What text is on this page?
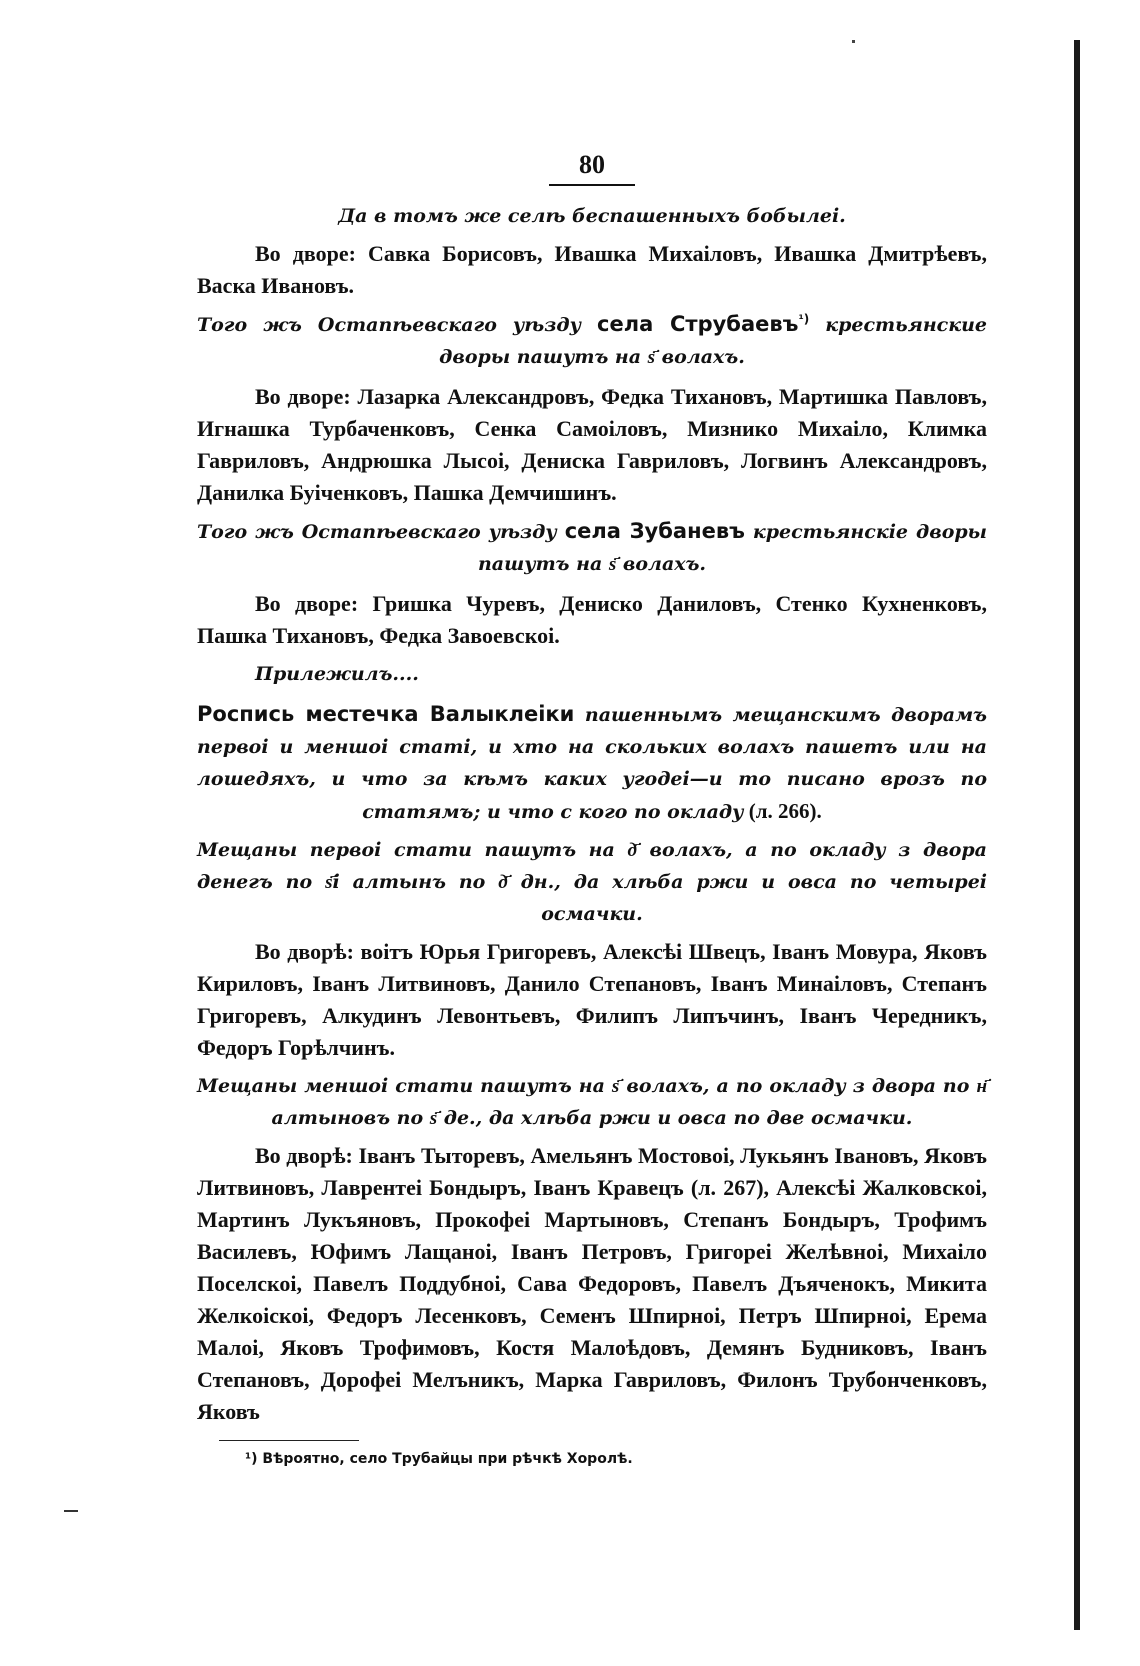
80
Да в томъ же селѣ беспашенныхъ бобылеi.

Во дворе: Савка Борисовъ, Ивашка Михаiловъ, Ивашка Дмитрѣевъ, Васка Ивановъ.

Того жъ Остапѣевскаго уѣзду села Струбаевъ$^{^1)}$ крестьянские дворы пашутъ на ѕ҃ волахъ.

Во дворе: Лазарка Александровъ, Федка Тихановъ, Мартишка Павловъ, Игнашка Турбаченковъ, Сенка Самоiловъ, Мизнико Михаiло, Климка Гавриловъ, Андрюшка Лысоi, Дениска Гавриловъ, Логвинъ Александровъ, Данилка Буiченковъ, Пашка Демчишинъ.

Того жъ Остапѣевскаго уѣзду села Зубаневъ крестьянскiе дворы пашутъ на ѕ҃ волахъ.

Во дворе: Гришка Чуревъ, Дениско Даниловъ, Стенко Кухненковъ, Пашка Тихановъ, Федка Завоевскоi.

Прилежилъ....
Роспись местечка Валыклеiки пашеннымъ мещанскимъ дворамъ первоi и меншоi статi, и хто на скольких волахъ пашетъ или на лошедяхъ, и что за кѣмъ каких угодеi—и то писано врозъ по статямъ; и что с кого по окладу (л. 266).
Мещаны первоi стати пашутъ на д҃ волахъ, а по окладу з двора денегъ по ѕ҃і алтынъ по д҃ дн., да хлѣба ржи и овса по четыреi осмачки.

Во дворѣ: воiтъ Юрья Григоревъ, Алексѣi Швецъ, Iванъ Мовура, Яковъ Кириловъ, Iванъ Литвиновъ, Данило Степановъ, Iванъ Минаiловъ, Степанъ Григоревъ, Алкудинъ Левонтьевъ, Филипъ Липъчинъ, Iванъ Чередникъ, Федоръ Горѣлчинъ.

Мещаны меншоi стати пашутъ на ѕ҃ волахъ, а по окладу з двора по н҃ алтыновъ по ѕ҃ де., да хлѣба ржи и овса по две осмачки.

Во дворѣ: Iванъ Тыторевъ, Амельянъ Мостовоi, Лукьянъ Iвановъ, Яковъ Литвиновъ, Лаврентеi Бондыръ, Iванъ Кравецъ (л. 267), Алексѣi Жалковскоi, Мартинъ Лукъяновъ, Прокофеi Мартыновъ, Степанъ Бондыръ, Трофимъ Василевъ, Юфимъ Лащаноi, Iванъ Петровъ, Григореi Желѣвноi, Михаiло Поселскоi, Павелъ Поддубноi, Сава Федоровъ, Павелъ Дъяченокъ, Микита Желкоiскоi, Федоръ Лесенковъ, Семенъ Шпирноi, Петръ Шпирноi, Ерема Малоi, Яковъ Трофимовъ, Костя Малоѣдовъ, Демянъ Будниковъ, Iванъ Степановъ, Дорофеi Мелъникъ, Марка Гавриловъ, Филонъ Трубонченковъ, Яковъ

¹) Вѣроятно, село Трубайцы при рѣчкѣ Хоролѣ.
